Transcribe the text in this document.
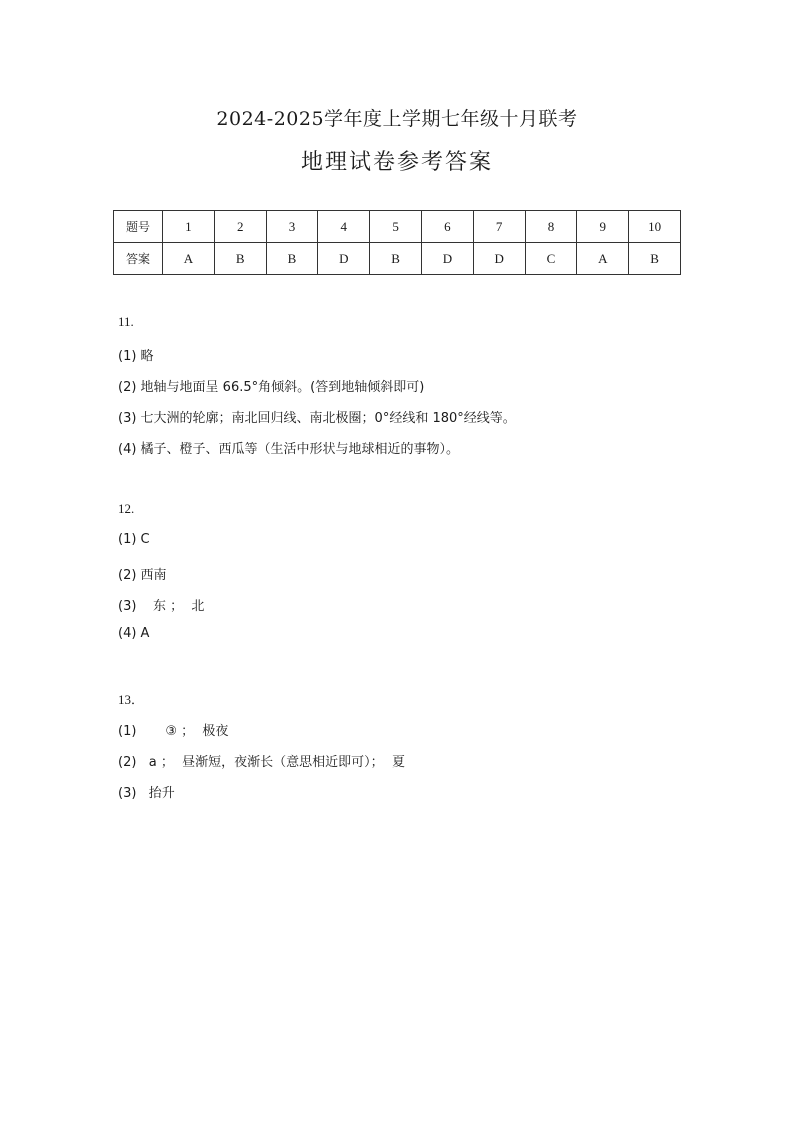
2024-2025学年度上学期七年级十月联考
地理试卷参考答案
题号	1	2	3	4	5	6	7	8	9	10
答案	A	B	B	D	B	D	D	C	A	B
11.
(1) 略
(2) 地轴与地面呈 66.5°角倾斜。(答到地轴倾斜即可)
(3) 七大洲的轮廓；南北回归线、南北极圈；0°经线和 180°经线等。
(4) 橘子、橙子、西瓜等（生活中形状与地球相近的事物）。
12.
(1) C
(2) 西南
(3)    东 ；  北
(4) A
13．
(1)       ③ ；  极夜
(2)   a ；  昼渐短，夜渐长（意思相近即可）；  夏
(3)   抬升
